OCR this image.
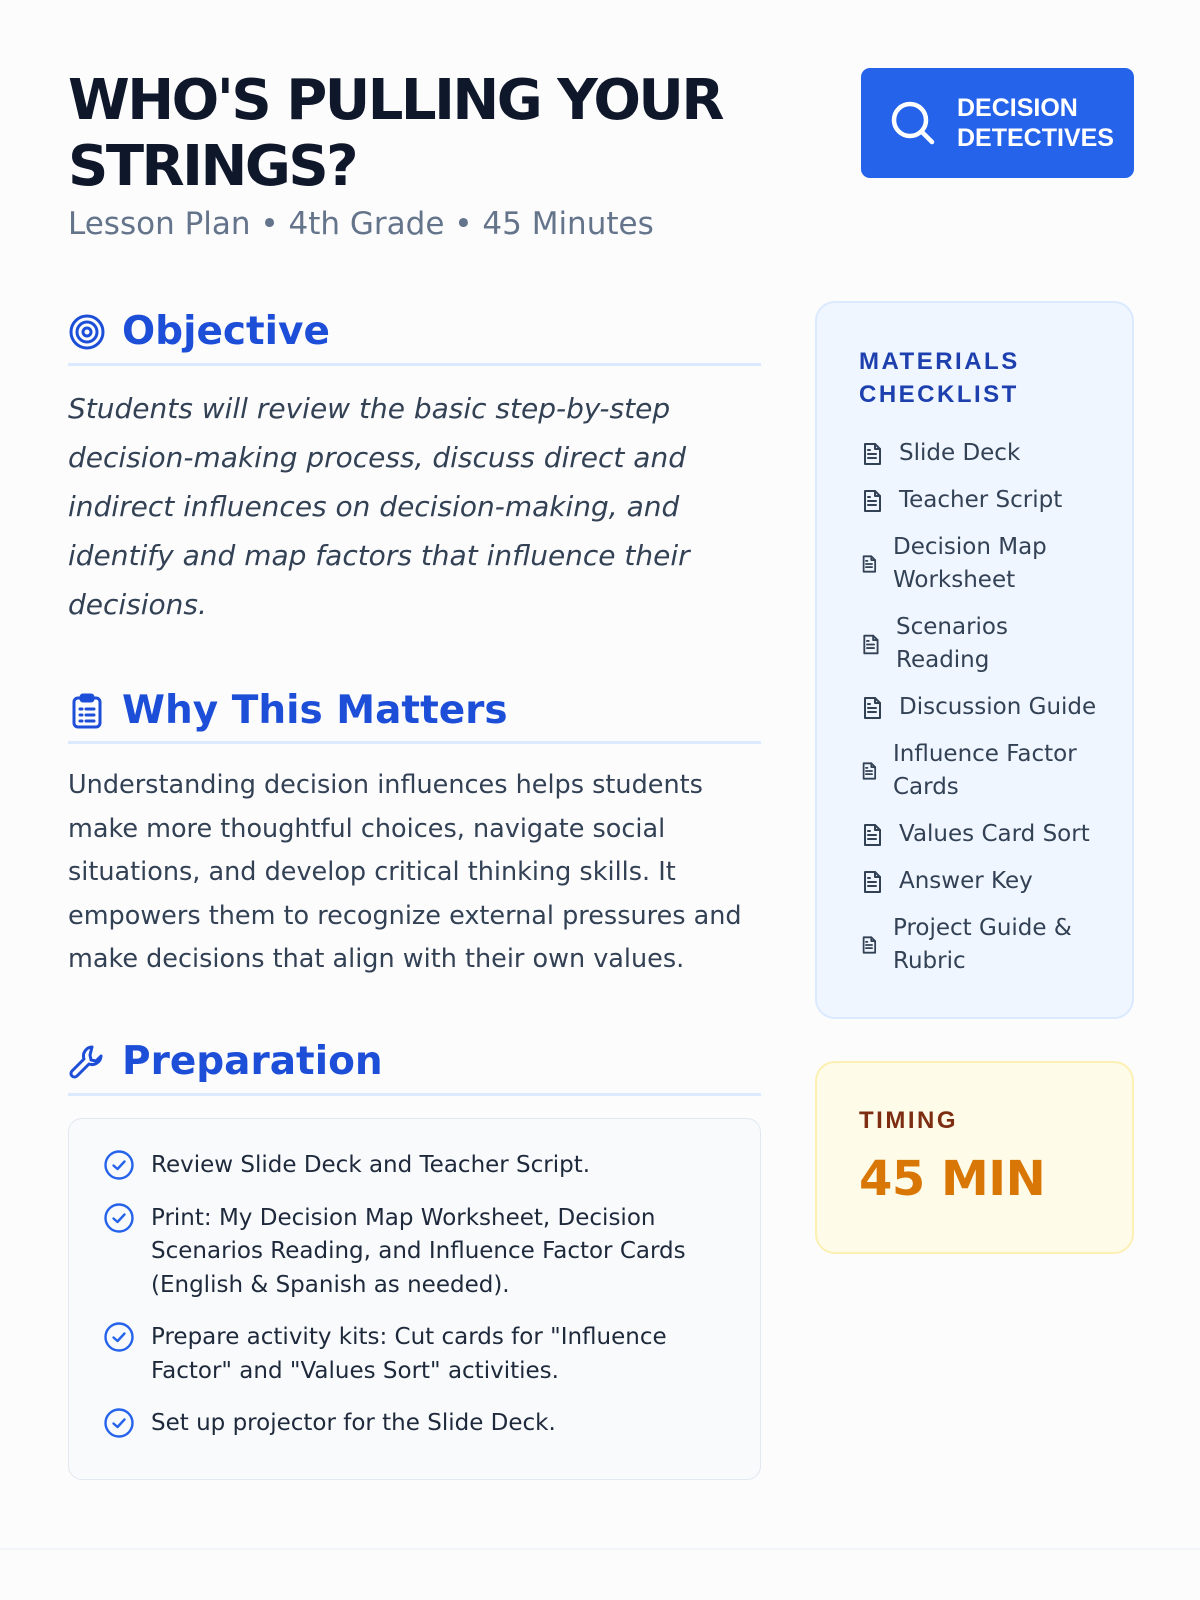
WHO'S PULLING YOUR STRINGS?
Lesson Plan • 4th Grade • 45 Minutes
DECISION DETECTIVES
Objective

Students will review the basic step-by-step decision-making process, discuss direct and indirect influences on decision-making, and identify and map factors that influence their decisions.

Why This Matters

Understanding decision influences helps students make more thoughtful choices, navigate social situations, and develop critical thinking skills. It empowers them to recognize external pressures and make decisions that align with their own values.

Preparation
Review Slide Deck and Teacher Script.
Print: My Decision Map Worksheet, Decision Scenarios Reading, and Influence Factor Cards (English & Spanish as needed).
Prepare activity kits: Cut cards for "Influence Factor" and "Values Sort" activities.
Set up projector for the Slide Deck.
MATERIALS CHECKLIST
Slide Deck
Teacher Script
Decision Map Worksheet
Scenarios Reading
Discussion Guide
Influence Factor Cards
Values Card Sort
Answer Key
Project Guide & Rubric
TIMING
45 MIN
